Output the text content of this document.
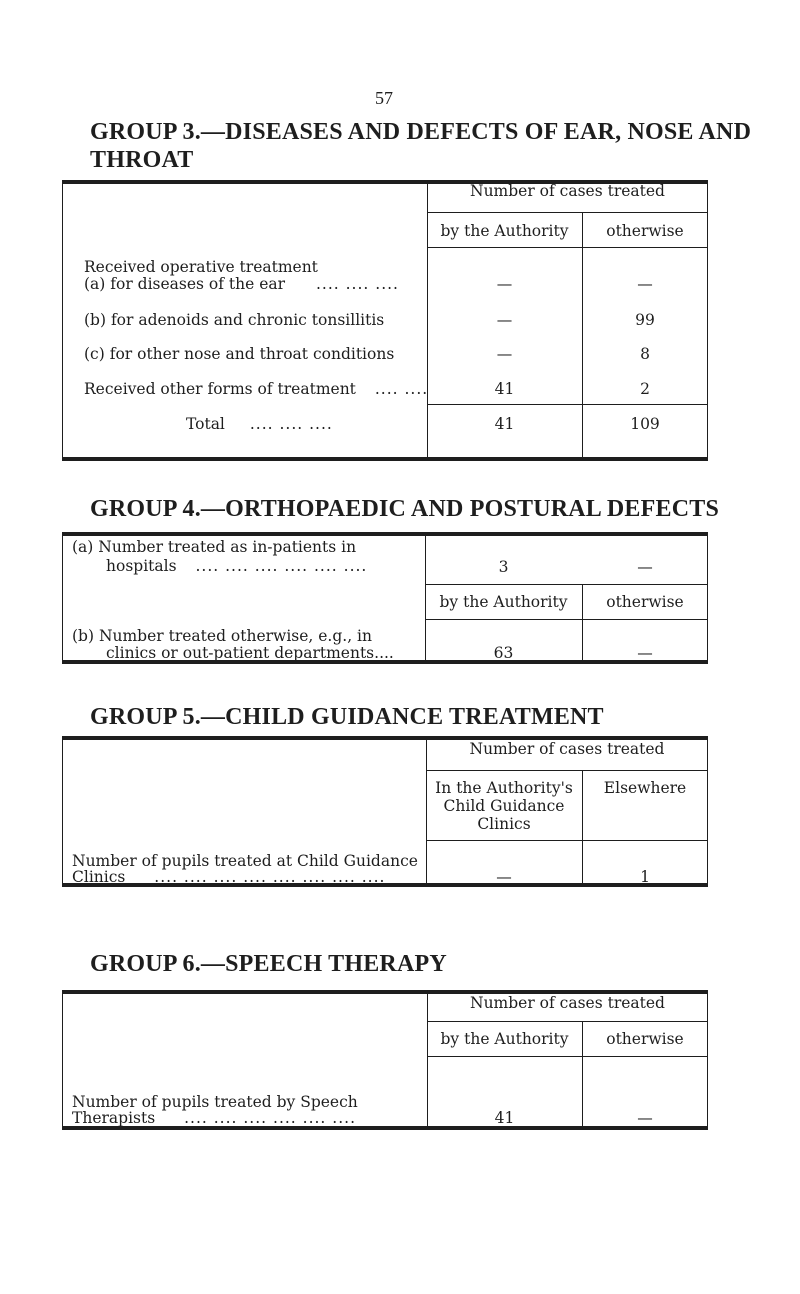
57
GROUP 3.—DISEASES AND DEFECTS OF EAR, NOSE AND
THROAT
Number of cases treated
by the Authority	otherwise
Received operative treatment
(a) for diseases of the ear .... .... ....	—	—
(b) for adenoids and chronic tonsillitis	—	99
(c) for other nose and throat conditions	—	8
Received other forms of treatment .... ....	41	2
Total .... .... ....	41	109
GROUP 4.—ORTHOPAEDIC AND POSTURAL DEFECTS
(a) Number treated as in-patients in
hospitals .... .... .... .... .... ....	3	—
by the Authority	otherwise
(b) Number treated otherwise, e.g., in
clinics or out-patient departments....	63	—
GROUP 5.—CHILD GUIDANCE TREATMENT
Number of cases treated
In the Authority's
Child Guidance
Clinics
Elsewhere
Number of pupils treated at Child Guidance
Clinics .... .... .... .... .... .... .... ....	—	1
GROUP 6.—SPEECH THERAPY
Number of cases treated
by the Authority	otherwise
Number of pupils treated by Speech
Therapists .... .... .... .... .... ....	41	—
